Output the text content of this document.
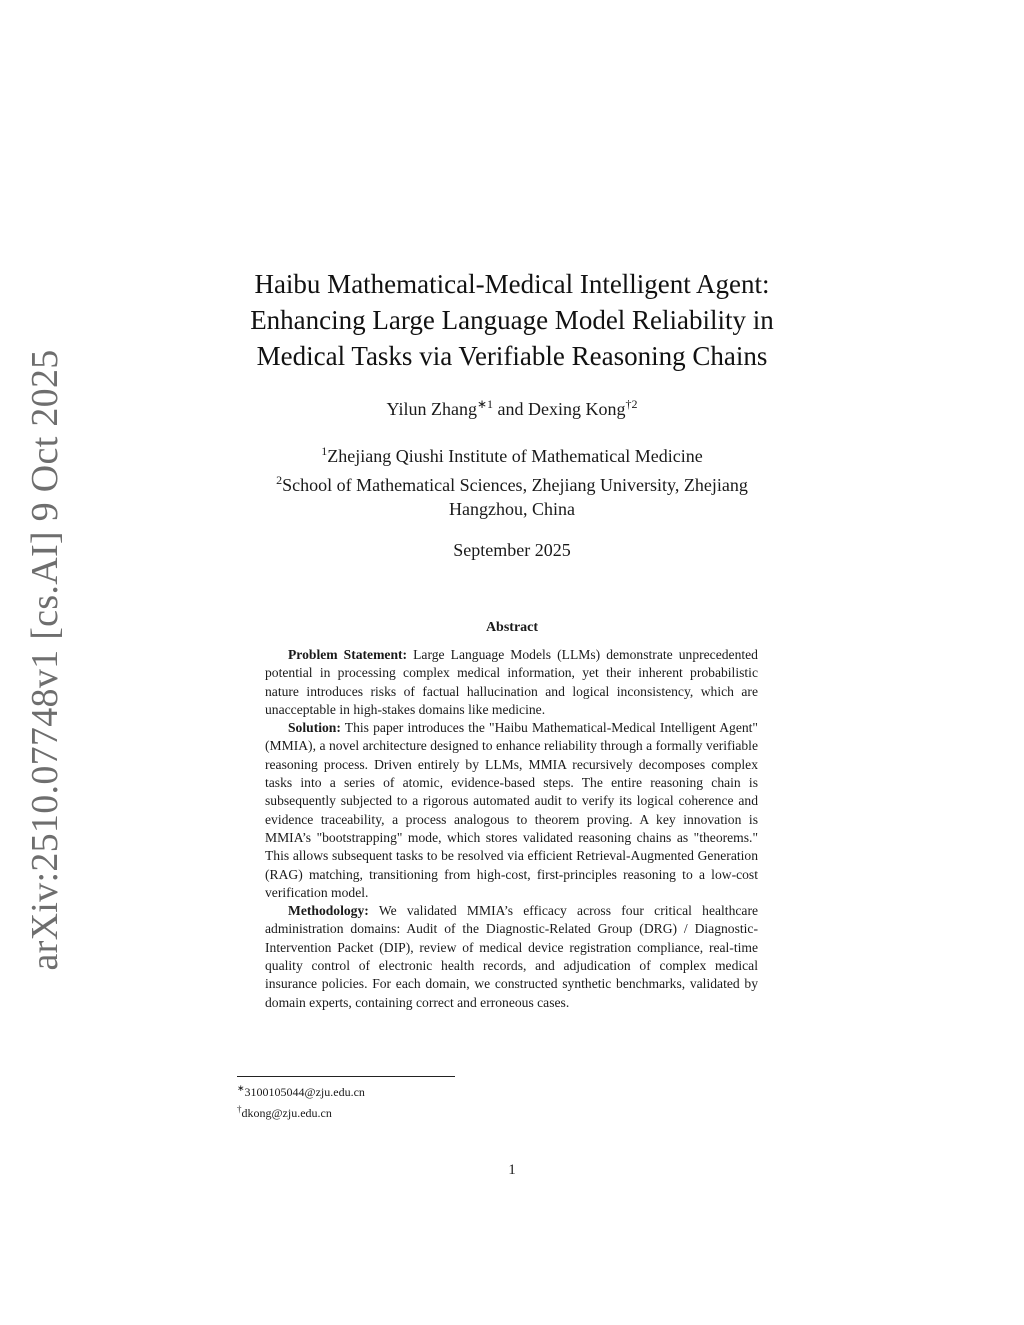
arXiv:2510.07748v1 [cs.AI] 9 Oct 2025
Haibu Mathematical-Medical Intelligent Agent:
Enhancing Large Language Model Reliability in
Medical Tasks via Verifiable Reasoning Chains
Yilun Zhang$^{∗1}$ and Dexing Kong$^{\dagger 2}$
$^1$Zhejiang Qiushi Institute of Mathematical Medicine
$^2$School of Mathematical Sciences, Zhejiang University, Zhejiang
Hangzhou, China
September 2025
Abstract

Problem Statement: Large Language Models (LLMs) demonstrate unprecedented potential in processing complex medical information, yet their inherent probabilistic nature introduces risks of factual hallucination and logical inconsistency, which are unacceptable in high-stakes domains like medicine.

Solution: This paper introduces the "Haibu Mathematical-Medical Intelligent Agent" (MMIA), a novel architecture designed to enhance reliability through a formally verifiable reasoning process. Driven entirely by LLMs, MMIA recursively decomposes complex tasks into a series of atomic, evidence-based steps. The entire reasoning chain is subsequently subjected to a rigorous automated audit to verify its logical coherence and evidence traceability, a process analogous to theorem proving. A key innovation is MMIA’s "bootstrapping" mode, which stores validated reasoning chains as "theorems." This allows subsequent tasks to be resolved via efficient Retrieval-Augmented Generation (RAG) matching, transitioning from high-cost, first-principles reasoning to a low-cost verification model.

Methodology: We validated MMIA’s efficacy across four critical healthcare administration domains: Audit of the Diagnostic-Related Group (DRG) / Diagnostic-Intervention Packet (DIP), review of medical device registration compliance, real-time quality control of electronic health records, and adjudication of complex medical insurance policies. For each domain, we constructed synthetic benchmarks, validated by domain experts, containing correct and erroneous cases.

∗3100105044@zju.edu.cn
†dkong@zju.edu.cn
1
